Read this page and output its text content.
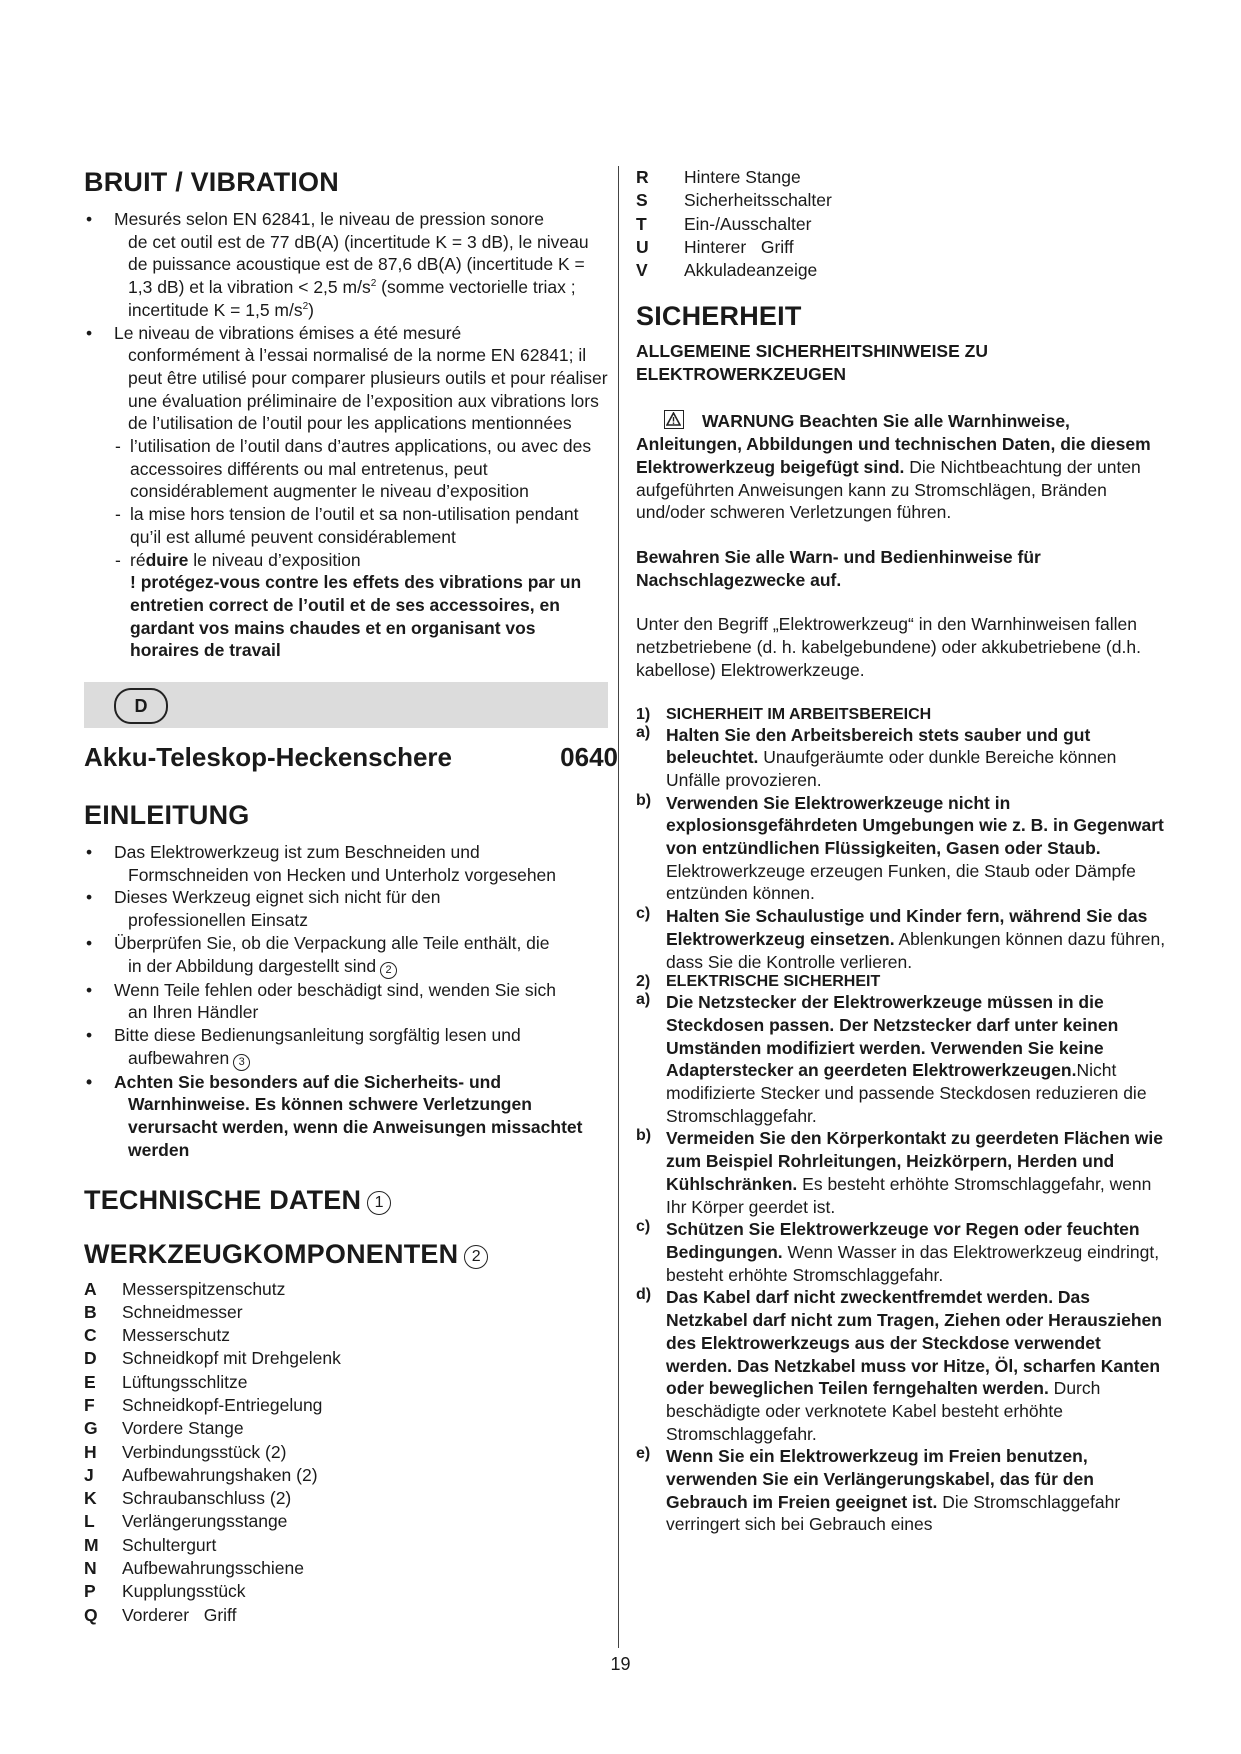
BRUIT / VIBRATION
• Mesurés selon EN 62841, le niveau de pression sonore
de cet outil est de 77 dB(A) (incertitude K = 3 dB), le niveau de puissance acoustique est de 87,6 dB(A) (incertitude K = 1,3 dB) et la vibration < 2,5 $m/s^2$ (somme vectorielle triax ; incertitude K = 1,5 $m/s^2$)
• Le niveau de vibrations émises a été mesuré
conformément à l’essai normalisé de la norme EN 62841; il peut être utilisé pour comparer plusieurs outils et pour réaliser une évaluation préliminaire de l’exposition aux vibrations lors de l’utilisation de l’outil pour les applications mentionnées
- l’utilisation de l’outil dans d’autres applications, ou avec des accessoires différents ou mal entretenus, peut considérablement augmenter le niveau d’exposition
- la mise hors tension de l’outil et sa non-utilisation pendant qu’il est allumé peuvent considérablement
- réduire le niveau d’exposition

! protégez-vous contre les effets des vibrations par un entretien correct de l’outil et de ses accessoires, en gardant vos mains chaudes et en organisant vos horaires de travail

D
Akku-Teleskop-Heckenschere	0640
EINLEITUNG
• Das Elektrowerkzeug ist zum Beschneiden und
Formschneiden von Hecken und Unterholz vorgesehen
• Dieses Werkzeug eignet sich nicht für den
professionellen Einsatz
• Überprüfen Sie, ob die Verpackung alle Teile enthält, die
in der Abbildung dargestellt sind 2
• Wenn Teile fehlen oder beschädigt sind, wenden Sie sich
an Ihren Händler
• Bitte diese Bedienungsanleitung sorgfältig lesen und
aufbewahren 3
• Achten Sie besonders auf die Sicherheits- und
Warnhinweise. Es können schwere Verletzungen verursacht werden, wenn die Anweisungen missachtet werden
TECHNISCHE DATEN 1
WERKZEUGKOMPONENTEN 2
A	Messerspitzenschutz
B	Schneidmesser
C	Messerschutz
D	Schneidkopf mit Drehgelenk
E	Lüftungsschlitze
F	Schneidkopf-Entriegelung
G	Vordere Stange
H	Verbindungsstück (2)
J	Aufbewahrungshaken (2)
K	Schraubanschluss (2)
L	Verlängerungsstange
M	Schultergurt
N	Aufbewahrungsschiene
P	Kupplungsstück
Q	Vorderer   Griff
R	Hintere Stange
S	Sicherheitsschalter
T	Ein-/Ausschalter
U	Hinterer   Griff
V	Akkuladeanzeige
SICHERHEIT
ALLGEMEINE SICHERHEITSHINWEISE ZU ELEKTROWERKZEUGEN

WARNUNG Beachten Sie alle Warnhinweise, Anleitungen, Abbildungen und technischen Daten, die diesem Elektrowerkzeug beigefügt sind. Die Nichtbeachtung der unten aufgeführten Anweisungen kann zu Stromschlägen, Bränden und/oder schweren Verletzungen führen.

Bewahren Sie alle Warn- und Bedienhinweise für Nachschlagezwecke auf.

Unter den Begriff „Elektrowerkzeug“ in den Warnhinweisen fallen netzbetriebene (d. h. kabelgebundene) oder akkubetriebene (d.h. kabellose) Elektrowerkzeuge.

1) SICHERHEIT IM ARBEITSBEREICH
a) Halten Sie den Arbeitsbereich stets sauber und gut beleuchtet. Unaufgeräumte oder dunkle Bereiche können Unfälle provozieren.

b) Verwenden Sie Elektrowerkzeuge nicht in explosionsgefährdeten Umgebungen wie z. B. in Gegenwart von entzündlichen Flüssigkeiten, Gasen oder Staub. Elektrowerkzeuge erzeugen Funken, die Staub oder Dämpfe entzünden können.

c) Halten Sie Schaulustige und Kinder fern, während Sie das Elektrowerkzeug einsetzen. Ablenkungen können dazu führen, dass Sie die Kontrolle verlieren.

2) ELEKTRISCHE SICHERHEIT
a) Die Netzstecker der Elektrowerkzeuge müssen in die Steckdosen passen. Der Netzstecker darf unter keinen Umständen modifiziert werden. Verwenden Sie keine Adapterstecker an geerdeten Elektrowerkzeugen.Nicht modifizierte Stecker und passende Steckdosen reduzieren die Stromschlaggefahr.

b) Vermeiden Sie den Körperkontakt zu geerdeten Flächen wie zum Beispiel Rohrleitungen, Heizkörpern, Herden und Kühlschränken. Es besteht erhöhte Stromschlaggefahr, wenn Ihr Körper geerdet ist.

c) Schützen Sie Elektrowerkzeuge vor Regen oder feuchten Bedingungen. Wenn Wasser in das Elektrowerkzeug eindringt, besteht erhöhte Stromschlaggefahr.

d) Das Kabel darf nicht zweckentfremdet werden. Das Netzkabel darf nicht zum Tragen, Ziehen oder Herausziehen des Elektrowerkzeugs aus der Steckdose verwendet werden. Das Netzkabel muss vor Hitze, Öl, scharfen Kanten oder beweglichen Teilen ferngehalten werden. Durch beschädigte oder verknotete Kabel besteht erhöhte Stromschlaggefahr.

e) Wenn Sie ein Elektrowerkzeug im Freien benutzen, verwenden Sie ein Verlängerungskabel, das für den Gebrauch im Freien geeignet ist. Die Stromschlaggefahr verringert sich bei Gebrauch eines

19
